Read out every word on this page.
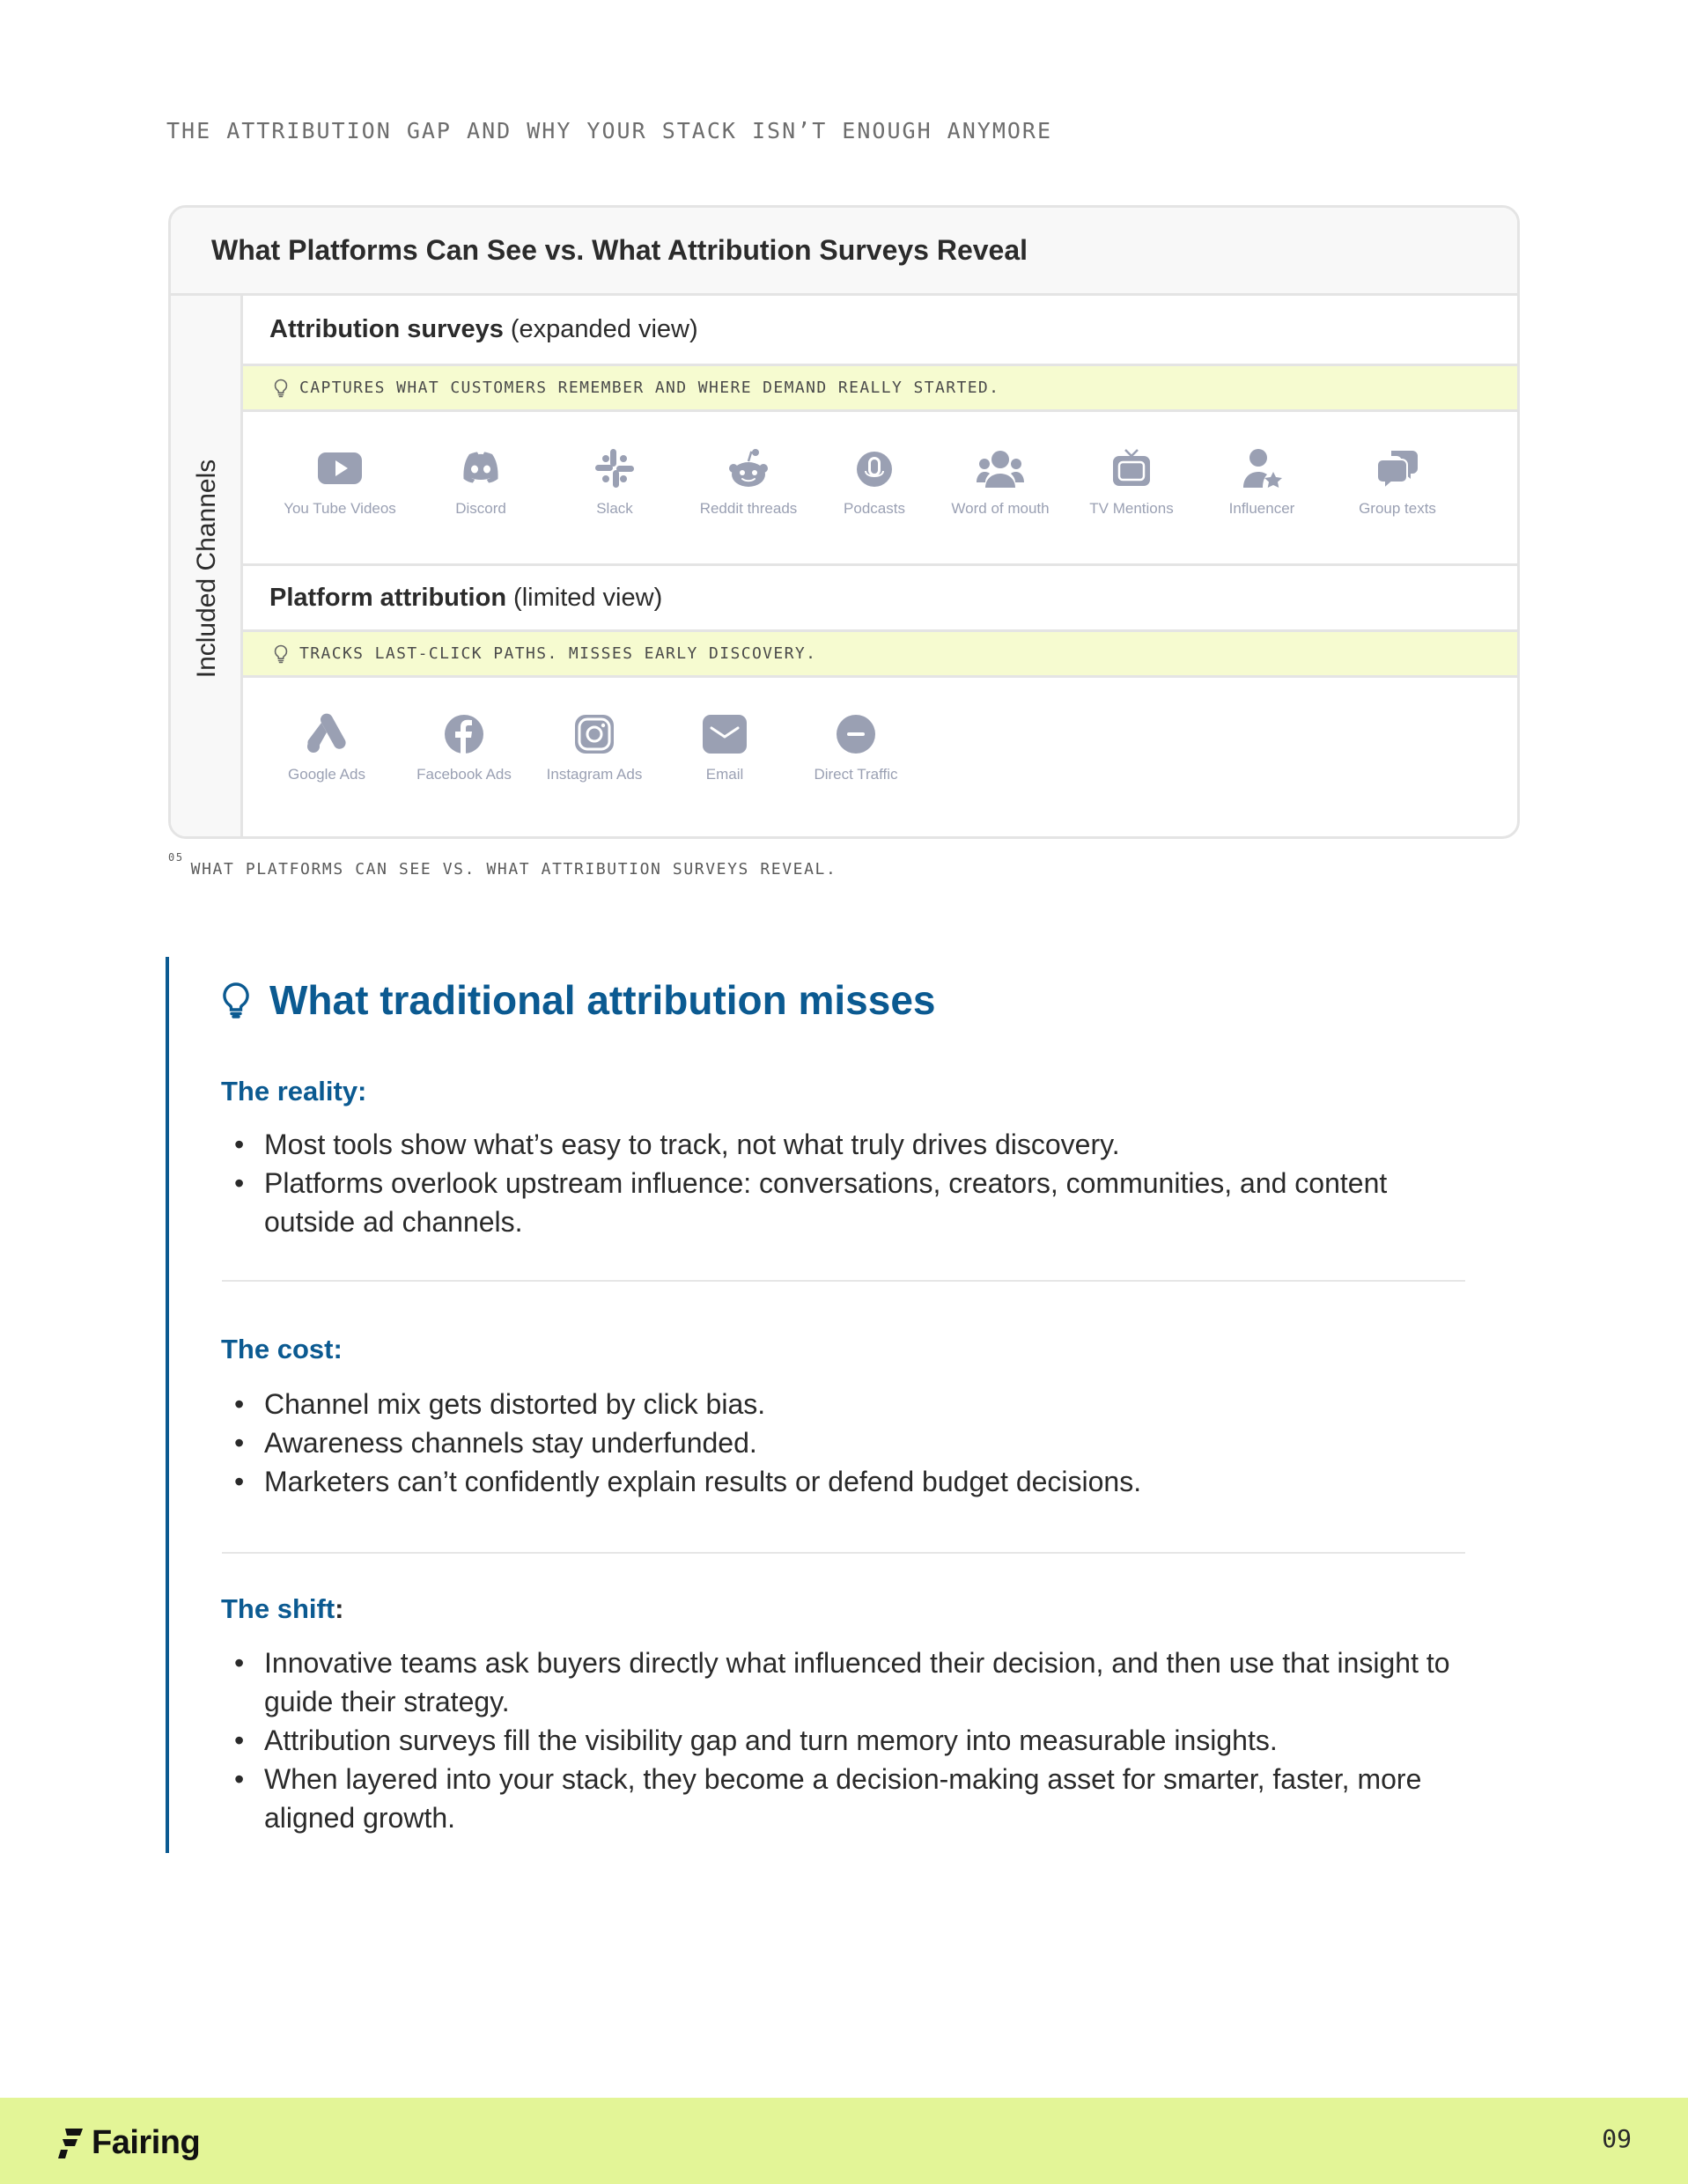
THE ATTRIBUTION GAP AND WHY YOUR STACK ISN’T ENOUGH ANYMORE
What Platforms Can See vs. What Attribution Surveys Reveal
Included Channels
Attribution surveys (expanded view)
CAPTURES WHAT CUSTOMERS REMEMBER AND WHERE DEMAND REALLY STARTED.
You Tube Videos	Discord	Slack	Reddit threads	Podcasts	Word of mouth	TV Mentions	Influencer	Group texts
Platform attribution (limited view)
TRACKS LAST-CLICK PATHS. MISSES EARLY DISCOVERY.
Google Ads	Facebook Ads	Instagram Ads	Email	Direct Traffic
$^{05}$WHAT PLATFORMS CAN SEE VS. WHAT ATTRIBUTION SURVEYS REVEAL.
What traditional attribution misses
The reality:
• Most tools show what’s easy to track, not what truly drives discovery.
• Platforms overlook upstream influence: conversations, creators, communities, and content outside ad channels.
The cost:
• Channel mix gets distorted by click bias.
• Awareness channels stay underfunded.
• Marketers can’t confidently explain results or defend budget decisions.
The shift:
• Innovative teams ask buyers directly what influenced their decision, and then use that insight to guide their strategy.
• Attribution surveys fill the visibility gap and turn memory into measurable insights.
• When layered into your stack, they become a decision-making asset for smarter, faster, more aligned growth.
Fairing	09
